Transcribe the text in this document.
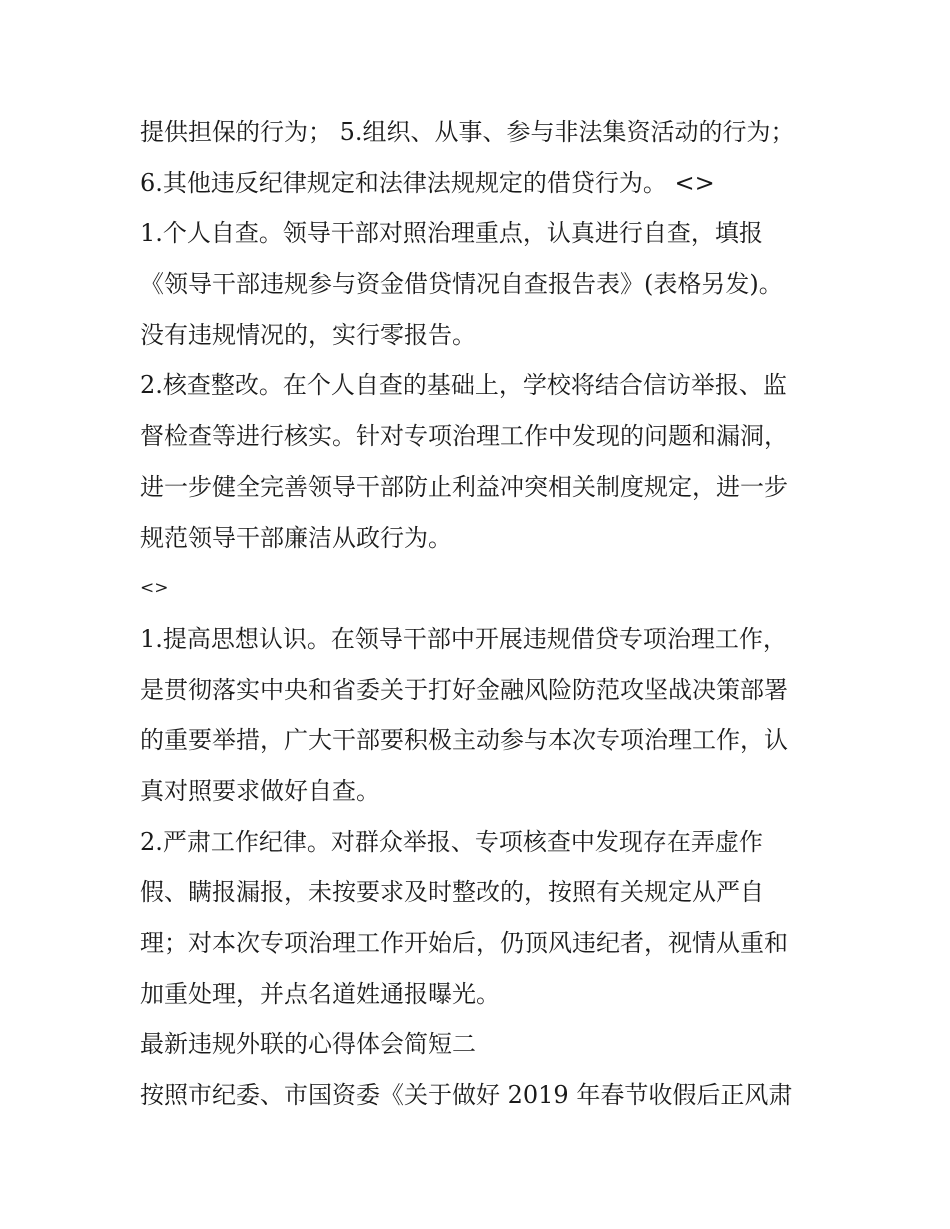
提供担保的行为； 5.组织、从事、参与非法集资活动的行为；
6.其他违反纪律规定和法律法规规定的借贷行为。 <>
1.个人自查。领导干部对照治理重点，认真进行自查，填报
《领导干部违规参与资金借贷情况自查报告表》(表格另发)。
没有违规情况的，实行零报告。
2.核查整改。在个人自查的基础上，学校将结合信访举报、监
督检查等进行核实。针对专项治理工作中发现的问题和漏洞，
进一步健全完善领导干部防止利益冲突相关制度规定，进一步
规范领导干部廉洁从政行为。
<>
1.提高思想认识。在领导干部中开展违规借贷专项治理工作，
是贯彻落实中央和省委关于打好金融风险防范攻坚战决策部署
的重要举措，广大干部要积极主动参与本次专项治理工作，认
真对照要求做好自查。
2.严肃工作纪律。对群众举报、专项核查中发现存在弄虚作
假、瞒报漏报，未按要求及时整改的，按照有关规定从严自
理；对本次专项治理工作开始后，仍顶风违纪者，视情从重和
加重处理，并点名道姓通报曝光。
最新违规外联的心得体会简短二
按照市纪委、市国资委《关于做好 2019 年春节收假后正风肃
